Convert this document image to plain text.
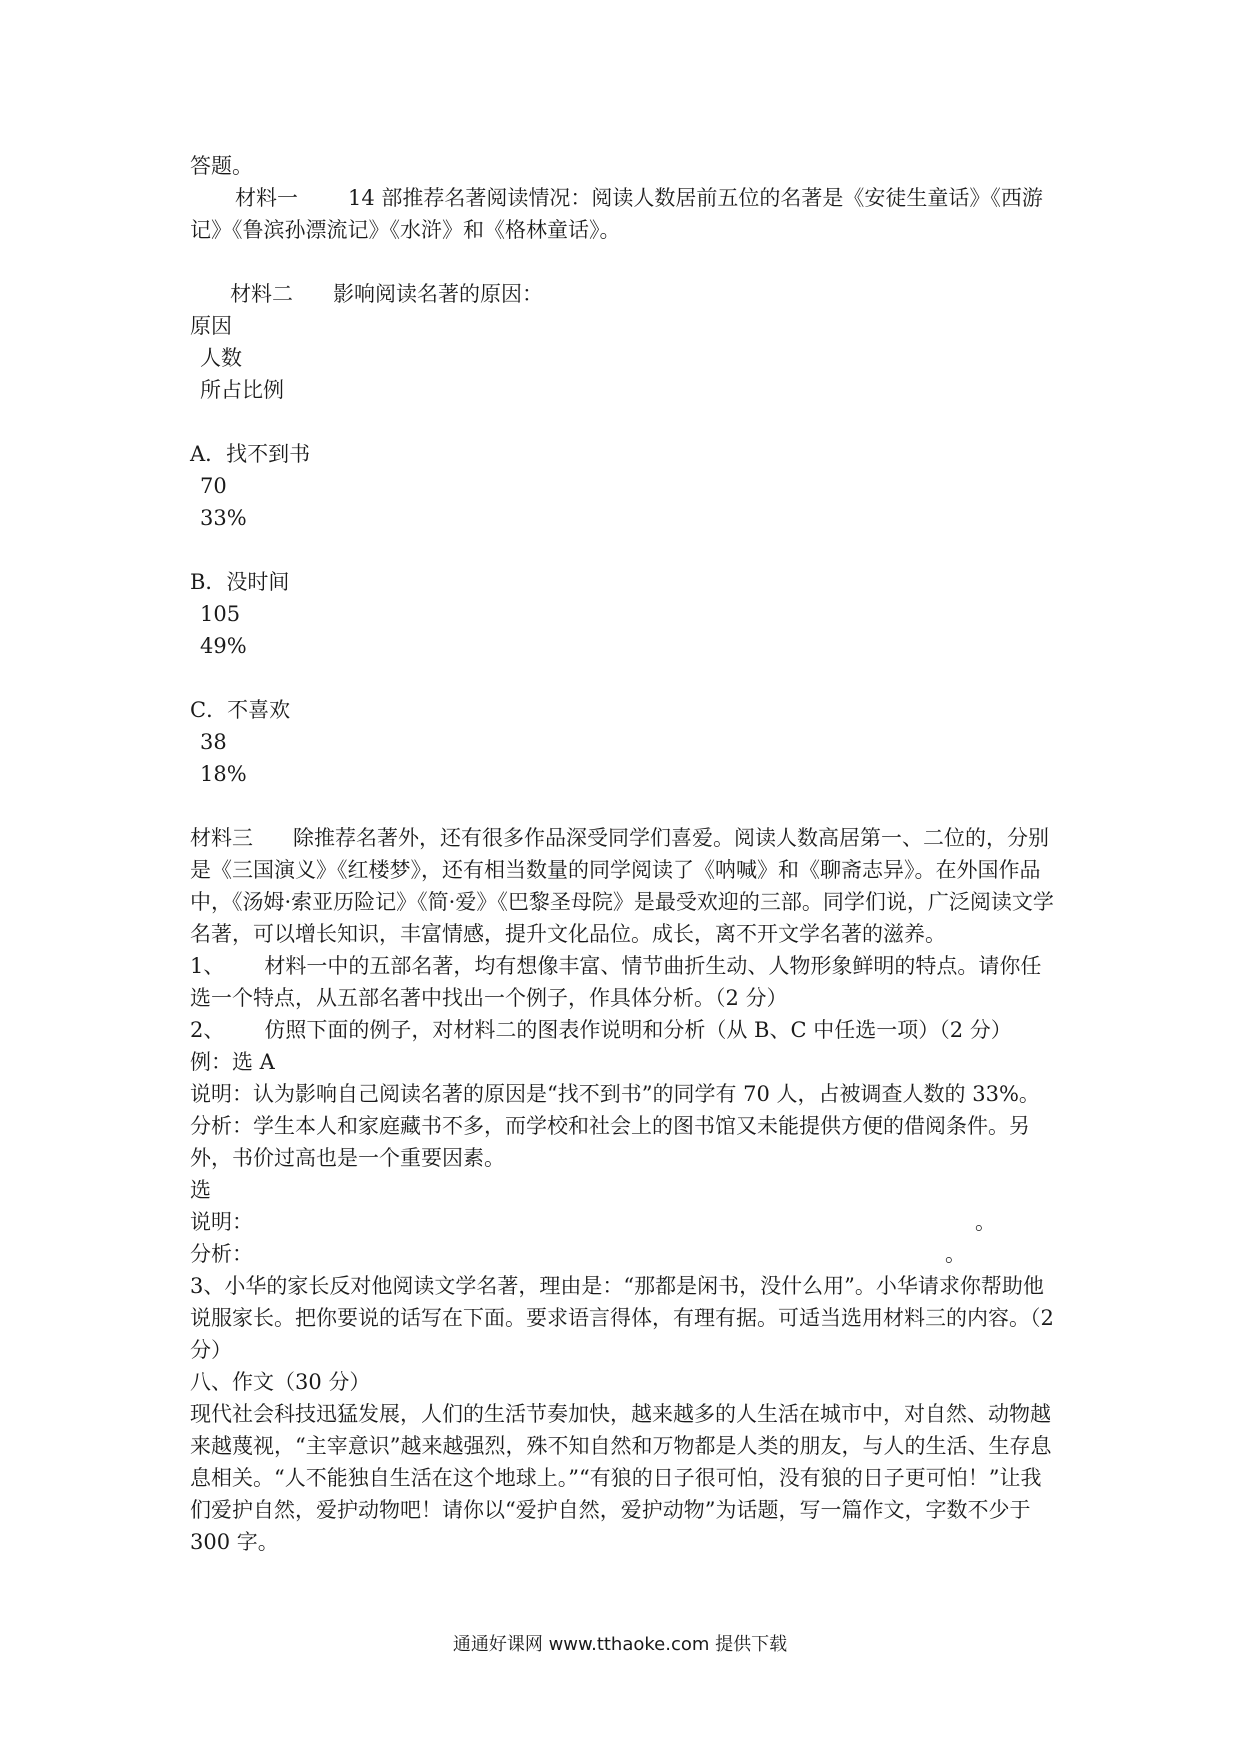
答题。
材料一 14 部推荐名著阅读情况：阅读人数居前五位的名著是《安徒生童话》《西游记》《鲁滨孙漂流记》《水浒》和《格林童话》。

材料二 影响阅读名著的原因：

原因
人数
所占比例
A．找不到书
70
33%
B．没时间
105
49%
C．不喜欢
38
18%
材料三 除推荐名著外，还有很多作品深受同学们喜爱。阅读人数高居第一、二位的，分别是《三国演义》《红楼梦》，还有相当数量的同学阅读了《呐喊》和《聊斋志异》。在外国作品中，《汤姆·索亚历险记》《简·爱》《巴黎圣母院》是最受欢迎的三部。同学们说，广泛阅读文学名著，可以增长知识，丰富情感，提升文化品位。成长，离不开文学名著的滋养。
1、 材料一中的五部名著，均有想像丰富、情节曲折生动、人物形象鲜明的特点。请你任选一个特点，从五部名著中找出一个例子，作具体分析。（2 分）
2、 仿照下面的例子，对材料二的图表作说明和分析（从 B、C 中任选一项）（2 分）
例：选 A
说明：认为影响自己阅读名著的原因是“找不到书”的同学有 70 人，占被调查人数的 33%。
分析：学生本人和家庭藏书不多，而学校和社会上的图书馆又未能提供方便的借阅条件。另外，书价过高也是一个重要因素。
选
说明：	。
分析：	。
3、小华的家长反对他阅读文学名著，理由是：“那都是闲书，没什么用”。小华请求你帮助他说服家长。把你要说的话写在下面。要求语言得体，有理有据。可适当选用材料三的内容。（2 分）
八、作文（30 分）
现代社会科技迅猛发展，人们的生活节奏加快，越来越多的人生活在城市中，对自然、动物越来越蔑视，“主宰意识”越来越强烈，殊不知自然和万物都是人类的朋友，与人的生活、生存息息相关。“人不能独自生活在这个地球上。”“有狼的日子很可怕，没有狼的日子更可怕！”让我们爱护自然，爱护动物吧！请你以“爱护自然，爱护动物”为话题，写一篇作文，字数不少于 300 字。
通通好课网 www.tthaoke.com 提供下载
